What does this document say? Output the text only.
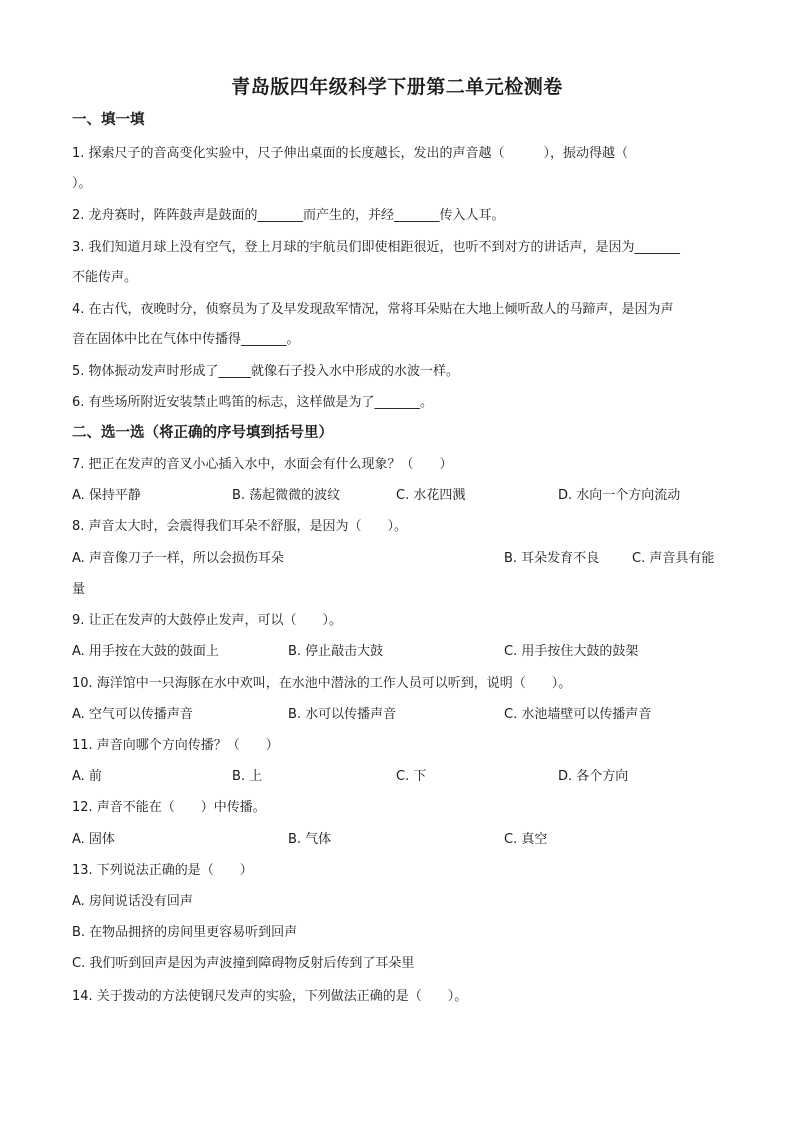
青岛版四年级科学下册第二单元检测卷
一、填一填
1. 探索尺子的音高变化实验中，尺子伸出桌面的长度越长，发出的声音越（　　　），振动得越（
）。
2. 龙舟赛时，阵阵鼓声是鼓面的_______而产生的，并经_______传入人耳。
3. 我们知道月球上没有空气，登上月球的宇航员们即使相距很近，也听不到对方的讲话声，是因为_______
不能传声。
4. 在古代，夜晚时分，侦察员为了及早发现敌军情况，常将耳朵贴在大地上倾听敌人的马蹄声，是因为声
音在固体中比在气体中传播得_______。
5. 物体振动发声时形成了_____就像石子投入水中形成的水波一样。
6. 有些场所附近安装禁止鸣笛的标志，这样做是为了_______。
二、选一选（将正确的序号填到括号里）
7. 把正在发声的音叉小心插入水中，水面会有什么现象？（　　）
A. 保持平静	B. 荡起微微的波纹	C. 水花四溅	D. 水向一个方向流动
8. 声音太大时，会震得我们耳朵不舒服，是因为（　　）。
A. 声音像刀子一样，所以会损伤耳朵	B. 耳朵发育不良	C. 声音具有能
量
9. 让正在发声的大鼓停止发声，可以（　　）。
A. 用手按在大鼓的鼓面上	B. 停止敲击大鼓	C. 用手按住大鼓的鼓架
10. 海洋馆中一只海豚在水中欢叫，在水池中潜泳的工作人员可以听到，说明（　　）。
A. 空气可以传播声音	B. 水可以传播声音	C. 水池墙壁可以传播声音
11. 声音向哪个方向传播？（　　）
A. 前	B. 上	C. 下	D. 各个方向
12. 声音不能在（　　）中传播。
A. 固体	B. 气体	C. 真空
13. 下列说法正确的是（　　）
A. 房间说话没有回声
B. 在物品拥挤的房间里更容易听到回声
C. 我们听到回声是因为声波撞到障碍物反射后传到了耳朵里
14. 关于拨动的方法使钢尺发声的实验，下列做法正确的是（　　）。
